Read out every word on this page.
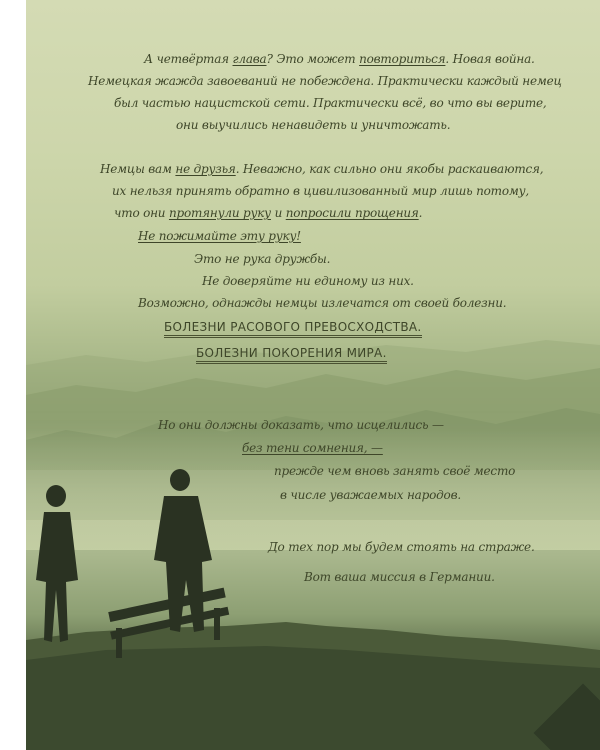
А четвёртая глава? Это может повториться. Новая война.
Немецкая жажда завоеваний не побеждена. Практически каждый немец
был частью нацистской сети. Практически всё, во что вы верите,
они выучились ненавидеть и уничтожать.
Немцы вам не друзья. Неважно, как сильно они якобы раскаиваются,
их нельзя принять обратно в цивилизованный мир лишь потому,
что они протянули руку и попросили прощения.
Не пожимайте эту руку!
Это не рука дружбы.
Не доверяйте ни единому из них.
Возможно, однажды немцы излечатся от своей болезни.
БОЛЕЗНИ РАСОВОГО ПРЕВОСХОДСТВА.
БОЛЕЗНИ ПОКОРЕНИЯ МИРА.
Но они должны доказать, что исцелились —
без тени сомнения, —
прежде чем вновь занять своё место
в числе уважаемых народов.
До тех пор мы будем стоять на страже.
Вот ваша миссия в Германии.
